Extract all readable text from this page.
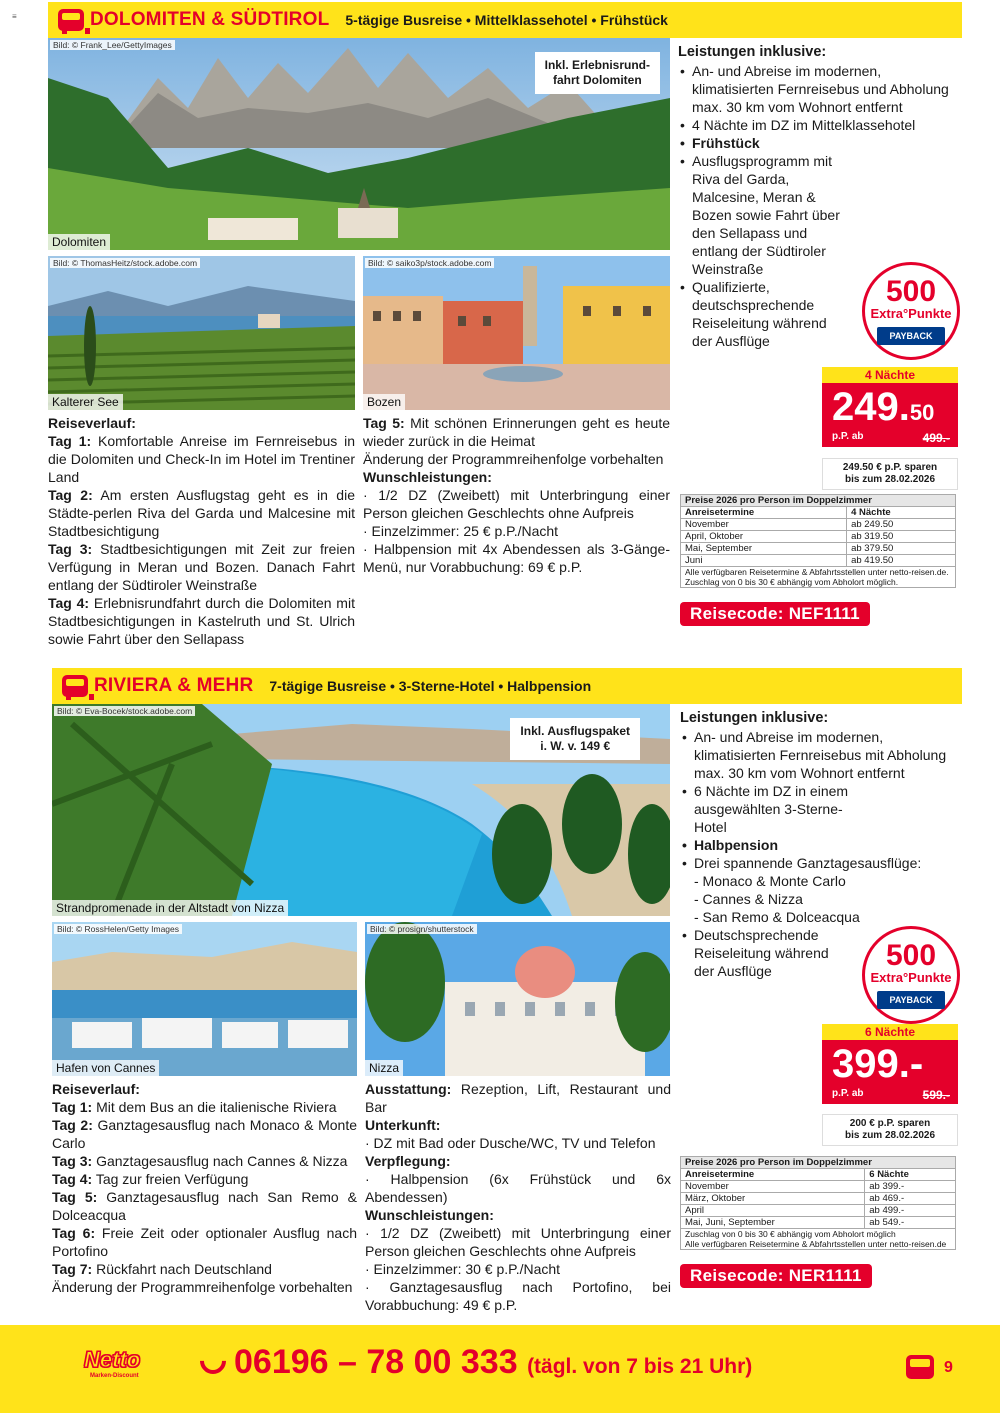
≡	DOLOMITEN & SÜDTIROL 5-tägige Busreise • Mittelklassehotel • Frühstück
Bild: © Frank_Lee/GettyImages
Inkl. Erlebnisrund-
fahrt Dolomiten
Dolomiten
Bild: © ThomasHeitz/stock.adobe.com
Kalterer See
Bild: © saiko3p/stock.adobe.com
Bozen

Reiseverlauf:

Tag 1: Komfortable Anreise im Fernreisebus in die Dolomiten und Check-In im Hotel im Trentiner Land

Tag 2: Am ersten Ausflugstag geht es in die Städte-perlen Riva del Garda und Malcesine mit Stadtbesichtigung

Tag 3: Stadtbesichtigungen mit Zeit zur freien Verfügung in Meran und Bozen. Danach Fahrt entlang der Südtiroler Weinstraße

Tag 4: Erlebnisrundfahrt durch die Dolomiten mit Stadtbesichtigungen in Kastelruth und St. Ulrich sowie Fahrt über den Sellapass

Tag 5: Mit schönen Erinnerungen geht es heute wieder zurück in die Heimat

Änderung der Programmreihenfolge vorbehalten

Wunschleistungen:

· 1/2 DZ (Zweibett) mit Unterbringung einer Person gleichen Geschlechts ohne Aufpreis

· Einzelzimmer: 25 € p.P./Nacht

· Halbpension mit 4x Abendessen als 3-Gänge-Menü, nur Vorabbuchung: 69 € p.P.

Leistungen inklusive:
• An- und Abreise im modernen, klimatisierten Fernreisebus und Abholung max. 30 km vom Wohnort entfernt
• 4 Nächte im DZ im Mittelklassehotel
• Frühstück
• Ausflugsprogramm mit Riva del Garda, Malcesine, Meran & Bozen sowie Fahrt über den Sellapass und entlang der Südtiroler Weinstraße
• Qualifizierte, deutschsprechende Reiseleitung während der Ausflüge
500
Extra°Punkte
PAYBACK
4 Nächte
249.50
p.P. ab	499.-
249.50 € p.P. sparen
bis zum 28.02.2026
Preise 2026 pro Person im Doppelzimmer	
Anreisetermine	4 Nächte
November	ab 249.50
April, Oktober	ab 319.50
Mai, September	ab 379.50
Juni	ab 419.50

Alle verfügbaren Reisetermine & Abfahrtsstellen unter netto-reisen.de.
Zuschlag von 0 bis 30 € abhängig vom Abholort möglich.	
Reisecode: NEF1111
RIVIERA & MEHR 7-tägige Busreise • 3-Sterne-Hotel • Halbpension
Bild: © Eva-Bocek/stock.adobe.com
Inkl. Ausflugspaket
i. W. v. 149 €
Strandpromenade in der Altstadt von Nizza
Bild: © RossHelen/Getty Images
Hafen von Cannes
Bild: © prosign/shutterstock
Nizza

Reiseverlauf:

Tag 1: Mit dem Bus an die italienische Riviera

Tag 2: Ganztagesausflug nach Monaco & Monte Carlo

Tag 3: Ganztagesausflug nach Cannes & Nizza

Tag 4: Tag zur freien Verfügung

Tag 5: Ganztagesausflug nach San Remo & Dolceacqua

Tag 6: Freie Zeit oder optionaler Ausflug nach Portofino

Tag 7: Rückfahrt nach Deutschland

Änderung der Programmreihenfolge vorbehalten

Ausstattung: Rezeption, Lift, Restaurant und Bar

Unterkunft:

· DZ mit Bad oder Dusche/WC, TV und Telefon

Verpflegung:

· Halbpension (6x Frühstück und 6x Abendessen)

Wunschleistungen:

· 1/2 DZ (Zweibett) mit Unterbringung einer Person gleichen Geschlechts ohne Aufpreis

· Einzelzimmer: 30 € p.P./Nacht

· Ganztagesausflug nach Portofino, bei Vorabbuchung: 49 € p.P.

Leistungen inklusive:
• An- und Abreise im modernen, klimatisierten Fernreisebus mit Abholung max. 30 km vom Wohnort entfernt
• 6 Nächte im DZ in einem ausgewählten 3-Sterne-Hotel
• Halbpension
• Drei spannende Ganztagesausflüge:
- Monaco & Monte Carlo
- Cannes & Nizza
- San Remo & Dolceacqua
• Deutschsprechende Reiseleitung während der Ausflüge	500
Extra°Punkte
PAYBACK
6 Nächte
399.-
p.P. ab	599.-
200 € p.P. sparen
bis zum 28.02.2026
Preise 2026 pro Person im Doppelzimmer	
Anreisetermine	6 Nächte
November	ab 399.-
März, Oktober	ab 469.-
April	ab 499.-
Mai, Juni, September	ab 549.-

Zuschlag von 0 bis 30 € abhängig vom Abholort möglich
Alle verfügbaren Reisetermine & Abfahrtsstellen unter netto-reisen.de	
Reisecode: NER1111
Netto
Marken-Discount	06196 – 78 00 333 (tägl. von 7 bis 21 Uhr)	9
